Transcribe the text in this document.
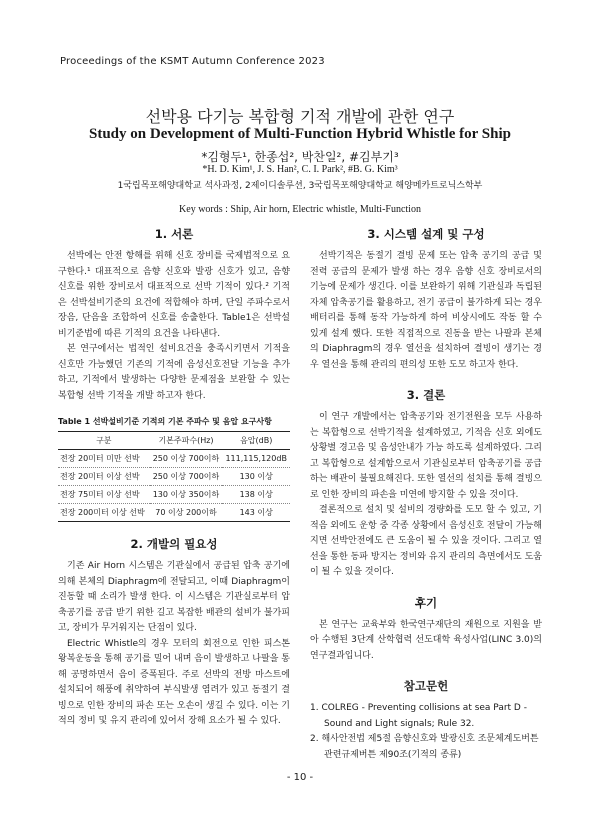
Proceedings of the KSMT Autumn Conference 2023
선박용 다기능 복합형 기적 개발에 관한 연구
Study on Development of Multi-Function Hybrid Whistle for Ship
*김형두¹, 한종섭², 박찬일², #김부기³
*H. D. Kim¹, J. S. Han², C. I. Park², #B. G. Kim³
1국립목포해양대학교 석사과정, 2제이디솔루션, 3국립목포해양대학교 해양메카트로닉스학부
Key words : Ship, Air horn, Electric whistle, Multi-Function
1. 서론

선박에는 안전 항해를 위해 신호 장비를 국제법적으로 요구한다.¹ 대표적으로 음향 신호와 발광 신호가 있고, 음향 신호를 위한 장비로서 대표적으로 선박 기적이 있다.² 기적은 선박설비기준의 요건에 적합해야 하며, 단일 주파수로서 장음, 단음을 조합하여 신호를 송출한다. Table1은 선박설비기준법에 따른 기적의 요건을 나타낸다.

본 연구에서는 법적인 설비요건을 충족시키면서 기적을 신호만 가능했던 기존의 기적에 음성신호전달 기능을 추가 하고, 기적에서 발생하는 다양한 문제점을 보완할 수 있는 복합형 선박 기적을 개발 하고자 한다.

Table 1 선박설비기준 기적의 기본 주파수 및 음압 요구사항
구분	기본주파수(Hz)	음압(dB)
전장 20미터 미만 선박	250 이상 700이하	111,115,120dB
전장 20미터 이상 선박	250 이상 700이하	130 이상
전장 75미터 이상 선박	130 이상 350이하	138 이상
전장 200미터 이상 선박	70 이상 200이하	143 이상
2. 개발의 필요성

기존 Air Horn 시스템은 기관실에서 공급된 압축 공기에 의해 본체의 Diaphragm에 전달되고, 이때 Diaphragm이 진동할 때 소리가 발생 한다. 이 시스템은 기관실로부터 압축공기를 공급 받기 위한 길고 복잡한 배관의 설비가 불가피고, 장비가 무거워지는 단점이 있다.

Electric Whistle의 경우 모터의 회전으로 인한 피스톤 왕복운동을 통해 공기를 밀어 내며 음이 발생하고 나팔을 통해 공명하면서 음이 증폭된다. 주로 선박의 전방 마스트에 설치되어 해풍에 취약하여 부식발생 염려가 있고 동절기 결빙으로 인한 장비의 파손 또는 오손이 생길 수 있다. 이는 기적의 정비 및 유지 관리에 있어서 장해 요소가 될 수 있다.

3. 시스템 설계 및 구성

선박기적은 동절기 결빙 문제 또는 압축 공기의 공급 및 전력 공급의 문제가 발생 하는 경우 음향 신호 장비로서의 기능에 문제가 생긴다. 이를 보완하기 위해 기관실과 독립된 자체 압축공기를 활용하고, 전기 공급이 불가하게 되는 경우 배터리를 통해 동작 가능하게 하여 비상시에도 작동 할 수 있게 설계 했다. 또한 직접적으로 진동을 받는 나팔과 본체의 Diaphragm의 경우 열선을 설치하여 결빙이 생기는 경우 열선을 통해 관리의 편의성 또한 도모 하고자 한다.

3. 결론

이 연구 개발에서는 압축공기와 전기전원을 모두 사용하는 복합형으로 선박기적을 설계하였고, 기적음 신호 외에도 상황별 경고음 및 음성안내가 가능 하도록 설계하였다. 그리고 복합형으로 설계함으로서 기관실로부터 압축공기를 공급하는 배관이 불필요해진다. 또한 열선의 설치를 통해 결빙으로 인한 장비의 파손을 미연에 방지할 수 있을 것이다.

결론적으로 설치 및 설비의 경량화를 도모 할 수 있고, 기적음 외에도 운항 중 각종 상황에서 음성신호 전달이 가능해지면 선박안전에도 큰 도움이 될 수 있을 것이다. 그리고 열선을 통한 동파 방지는 정비와 유지 관리의 측면에서도 도움이 될 수 있을 것이다.

후기

본 연구는 교육부와 한국연구재단의 재원으로 지원을 받아 수행된 3단계 산학협력 선도대학 육성사업(LINC 3.0)의 연구결과입니다.

참고문헌

1. COLREG - Preventing collisions at sea Part D - Sound and Light signals; Rule 32.

2. 해사안전법 제5절 음향신호와 발광신호 조문체계도버튼관련규제버튼 제90조(기적의 종류)

- 10 -
